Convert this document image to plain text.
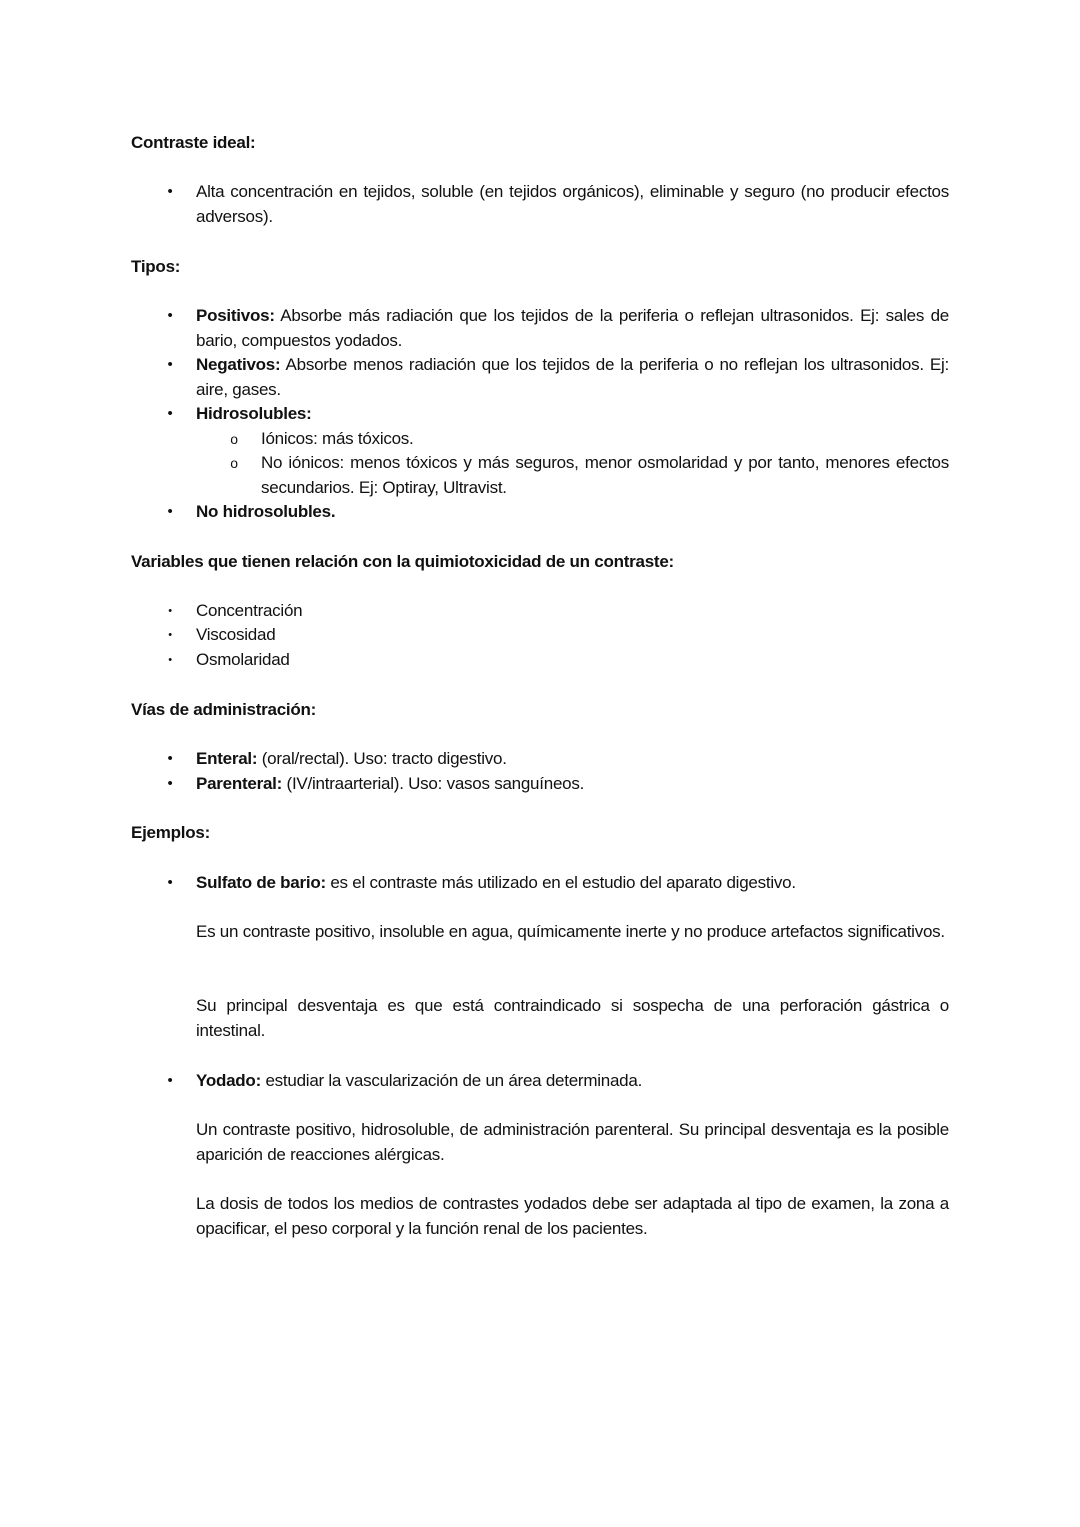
Contraste ideal:
• Alta concentración en tejidos, soluble (en tejidos orgánicos), eliminable y seguro (no producir efectos adversos).
Tipos:
• Positivos: Absorbe más radiación que los tejidos de la periferia o reflejan ultrasonidos. Ej: sales de bario, compuestos yodados.
• Negativos: Absorbe menos radiación que los tejidos de la periferia o no reflejan los ultrasonidos. Ej: aire, gases.
• Hidrosolubles:
o Iónicos: más tóxicos.
o No iónicos: menos tóxicos y más seguros, menor osmolaridad y por tanto, menores efectos secundarios. Ej: Optiray, Ultravist.
• No hidrosolubles.
Variables que tienen relación con la quimiotoxicidad de un contraste:
• Concentración
• Viscosidad
• Osmolaridad
Vías de administración:
• Enteral: (oral/rectal). Uso: tracto digestivo.
• Parenteral: (IV/intraarterial). Uso: vasos sanguíneos.
Ejemplos:
• Sulfato de bario: es el contraste más utilizado en el estudio del aparato digestivo.
Es un contraste positivo, insoluble en agua, químicamente inerte y no produce artefactos significativos.
Su principal desventaja es que está contraindicado si sospecha de una perforación gástrica o intestinal.
• Yodado: estudiar la vascularización de un área determinada.
Un contraste positivo, hidrosoluble, de administración parenteral. Su principal desventaja es la posible aparición de reacciones alérgicas.
La dosis de todos los medios de contrastes yodados debe ser adaptada al tipo de examen, la zona a opacificar, el peso corporal y la función renal de los pacientes.
